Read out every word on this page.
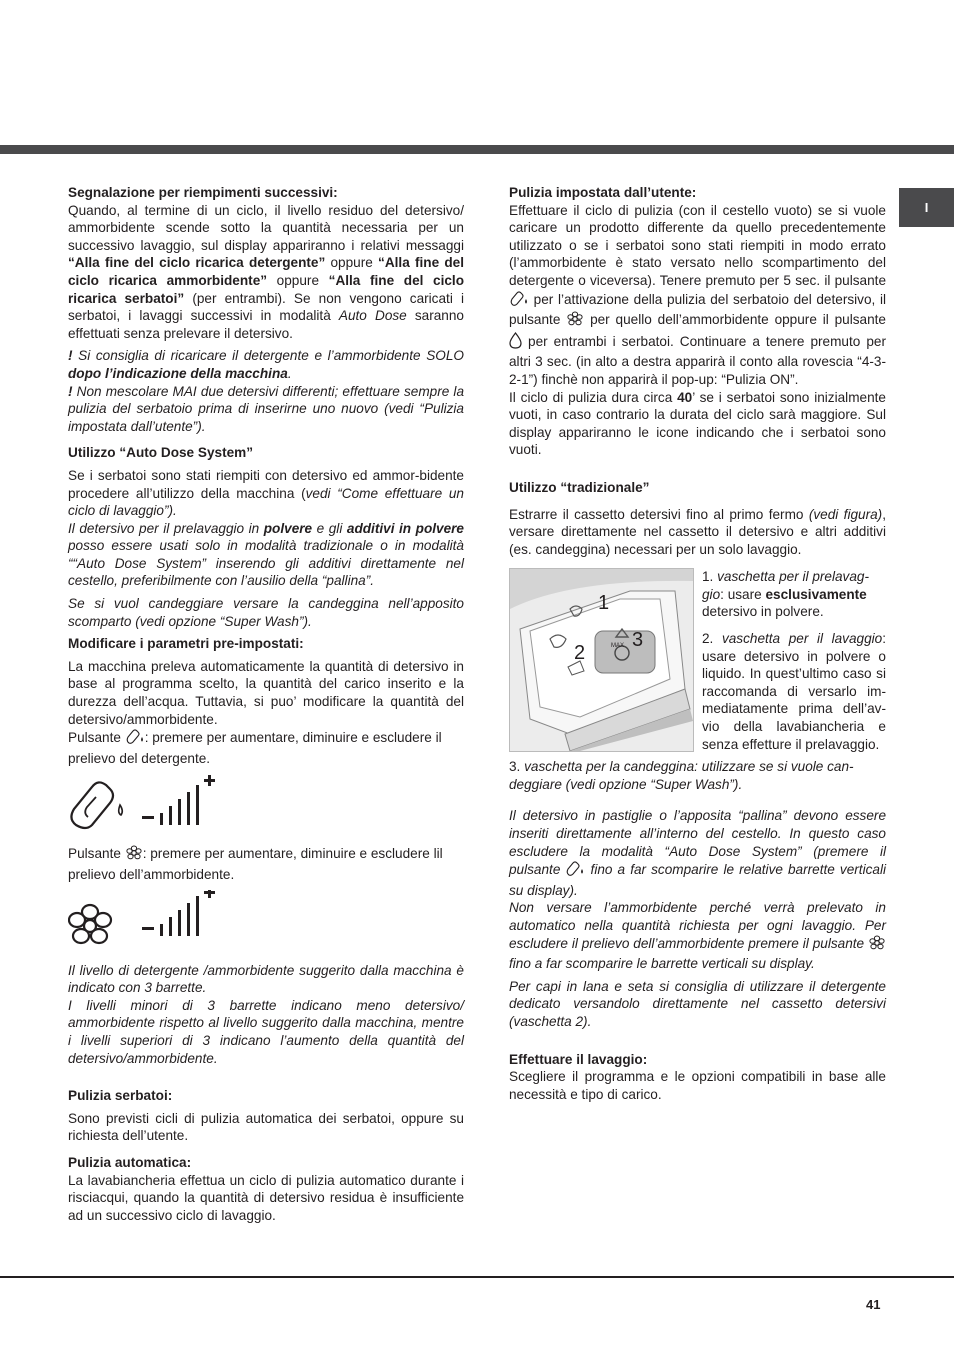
I

Segnalazione per riempimenti successivi:

Quando, al termine di un ciclo, il livello residuo del detersivo/ ammorbidente scende sotto la quantità necessaria per un successivo lavaggio, sul display appariranno i relativi messaggi “Alla fine del ciclo ricarica detergente” oppure “Alla fine del ciclo ricarica ammorbidente” oppure “Alla fine del ciclo ricarica serbatoi” (per entrambi). Se non vengono caricati i serbatoi, i lavaggi successivi in modalità Auto Dose saranno effettuati senza prelevare il detersivo.

! Si consiglia di ricaricare il detergente e l’ammorbidente SOLO dopo l’indicazione della macchina.

! Non mescolare MAI due detersivi differenti; effettuare sempre la pulizia del serbatoio prima di inserirne uno nuovo (vedi “Pulizia impostata dall’utente”).

Utilizzo “Auto Dose System”

Se i serbatoi sono stati riempiti con detersivo ed ammor-bidente procedere all’utilizzo della macchina (vedi “Come effettuare un ciclo di lavaggio”).

Il detersivo per il prelavaggio in polvere e gli additivi in polvere posso essere usati solo in modalità tradizionale o in modalità ““Auto Dose System” inserendo gli additivi direttamente nel cestello, preferibilmente con l’ausilio della “pallina”.

Se si vuol candeggiare versare la candeggina nell’apposito scomparto (vedi opzione “Super Wash”).

Modificare i parametri pre-impostati:

La macchina preleva automaticamente la quantità di detersivo in base al programma scelto, la quantità del carico inserito e la durezza dell’acqua. Tuttavia, si puo’ modificare la quantità del detersivo/ammorbidente.

Pulsante : premere per aumentare, diminuire e escludere il prelievo del detergente.

Pulsante : premere per aumentare, diminuire e escludere lil prelievo dell’ammorbidente.

Il livello di detergente /ammorbidente suggerito dalla macchina è indicato con 3 barrette.

I livelli minori di 3 barrette indicano meno detersivo/ ammorbidente rispetto al livello suggerito dalla macchina, mentre i livelli superiori di 3 indicano l’aumento della quantità del detersivo/ammorbidente.

Pulizia serbatoi:

Sono previsti cicli di pulizia automatica dei serbatoi, oppure su richiesta dell’utente.

Pulizia automatica:

La lavabiancheria effettua un ciclo di pulizia automatico durante i risciacqui, quando la quantità di detersivo residua è insufficiente ad un successivo ciclo di lavaggio.

Pulizia impostata dall’utente:

Effettuare il ciclo di pulizia (con il cestello vuoto) se si vuole caricare un prodotto differente da quello precedentemente utilizzato o se i serbatoi sono stati riempiti in modo errato (l’ammorbidente è stato versato nello scompartimento del detergente o viceversa). Tenere premuto per 5 sec. il pulsante  per l’attivazione della pulizia del serbatoio del detersivo, il pulsante  per quello dell’ammorbidente oppure il pulsante  per entrambi i serbatoi. Continuare a tenere premuto per altri 3 sec. (in alto a destra apparirà il conto alla rovescia “4-3-2-1”) finchè non apparirà il pop-up: “Pulizia ON”.

Il ciclo di pulizia dura circa 40’ se i serbatoi sono inizialmente vuoti, in caso contrario la durata del ciclo sarà maggiore. Sul display appariranno le icone indicando che i serbatoi sono vuoti.

Utilizzo “tradizionale”

Estrarre il cassetto detersivi fino al primo fermo (vedi figura), versare direttamente nel cassetto il detersivo e altri additivi (es. candeggina) necessari per un solo lavaggio.

1
2
3
MAX

1. vaschetta per il prelavag-gio: usare esclusivamente detersivo in polvere.

2. vaschetta per il lavaggio: usare detersivo in polvere o liquido. In quest’ultimo caso si raccomanda di versarlo im-mediatamente prima dell’av-vio della lavabiancheria e senza effetture il prelavaggio.

3. vaschetta per la candeggina: utilizzare se si vuole can-deggiare (vedi opzione “Super Wash”).

Il detersivo in pastiglie o l’apposita “pallina” devono essere inseriti direttamente all’interno del cestello. In questo caso escludere la modalità “Auto Dose System” (premere il pulsante  fino a far scomparire le relative barrette verticali su display).

Non versare l’ammorbidente perché verrà prelevato in automatico nella quantità richiesta per ogni lavaggio. Per escludere il prelievo dell’ammorbidente premere il pulsante  fino a far scomparire le barrette verticali su display.

Per capi in lana e seta si consiglia di utilizzare il detergente dedicato versandolo direttamente nel cassetto detersivi (vaschetta 2).

Effettuare il lavaggio:

Scegliere il programma e le opzioni compatibili in base alle necessità e tipo di carico.

41
